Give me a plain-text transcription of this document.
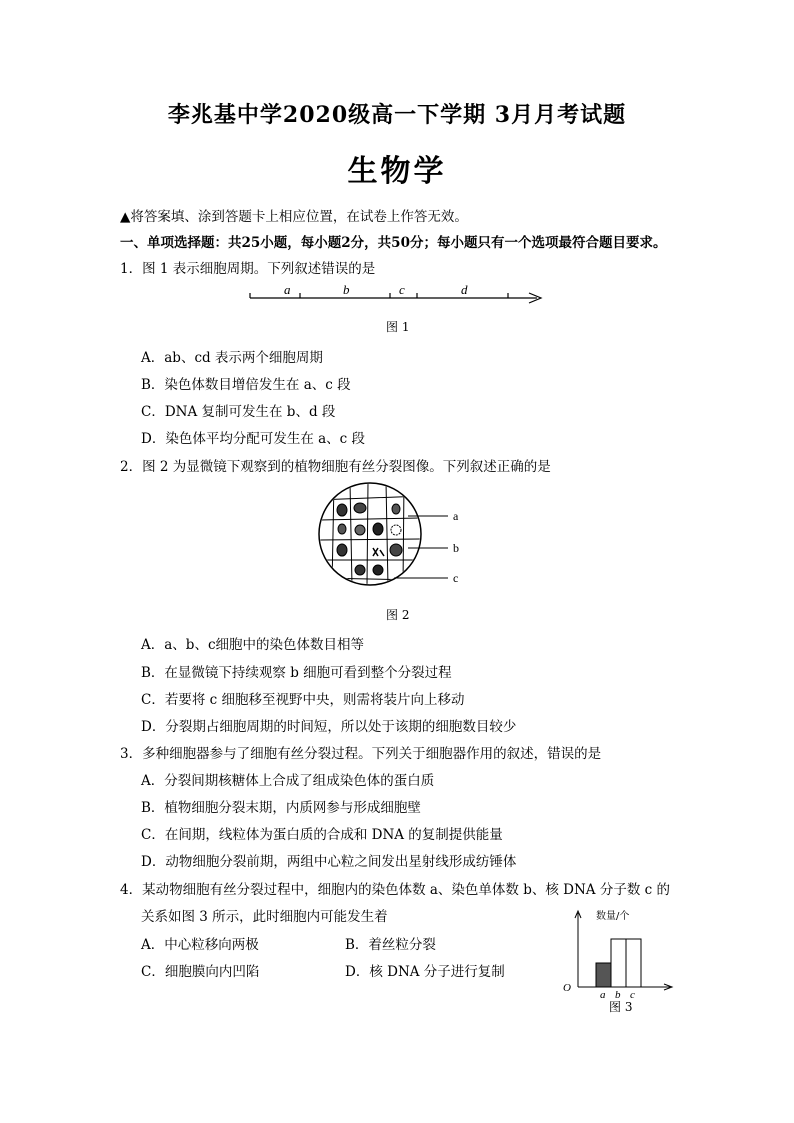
李兆基中学2020级高一下学期 3月月考试题
生物学
▲将答案填、涂到答题卡上相应位置，在试卷上作答无效。
一、单项选择题：共25小题，每小题2分，共50分；每小题只有一个选项最符合题目要求。
1．图 1 表示细胞周期。下列叙述错误的是
a	b	c	d
图 1
A．ab、cd 表示两个细胞周期
B．染色体数目增倍发生在 a、c 段
C．DNA 复制可发生在 b、d 段
D．染色体平均分配可发生在 a、c 段
2．图 2 为显微镜下观察到的植物细胞有丝分裂图像。下列叙述正确的是
a
b
c
图 2
A．a、b、c细胞中的染色体数目相等
B．在显微镜下持续观察 b 细胞可看到整个分裂过程
C．若要将 c 细胞移至视野中央，则需将装片向上移动
D．分裂期占细胞周期的时间短，所以处于该期的细胞数目较少
3．多种细胞器参与了细胞有丝分裂过程。下列关于细胞器作用的叙述，错误的是
A．分裂间期核糖体上合成了组成染色体的蛋白质
B．植物细胞分裂末期，内质网参与形成细胞壁
C．在间期，线粒体为蛋白质的合成和 DNA 的复制提供能量
D．动物细胞分裂前期，两组中心粒之间发出星射线形成纺锤体
4．某动物细胞有丝分裂过程中，细胞内的染色体数 a、染色单体数 b、核 DNA 分子数 c 的
关系如图 3 所示，此时细胞内可能发生着
A．中心粒移向两极	B．着丝粒分裂
C．细胞膜向内凹陷	D．核 DNA 分子进行复制
数量/个
O
a b c
图 3
